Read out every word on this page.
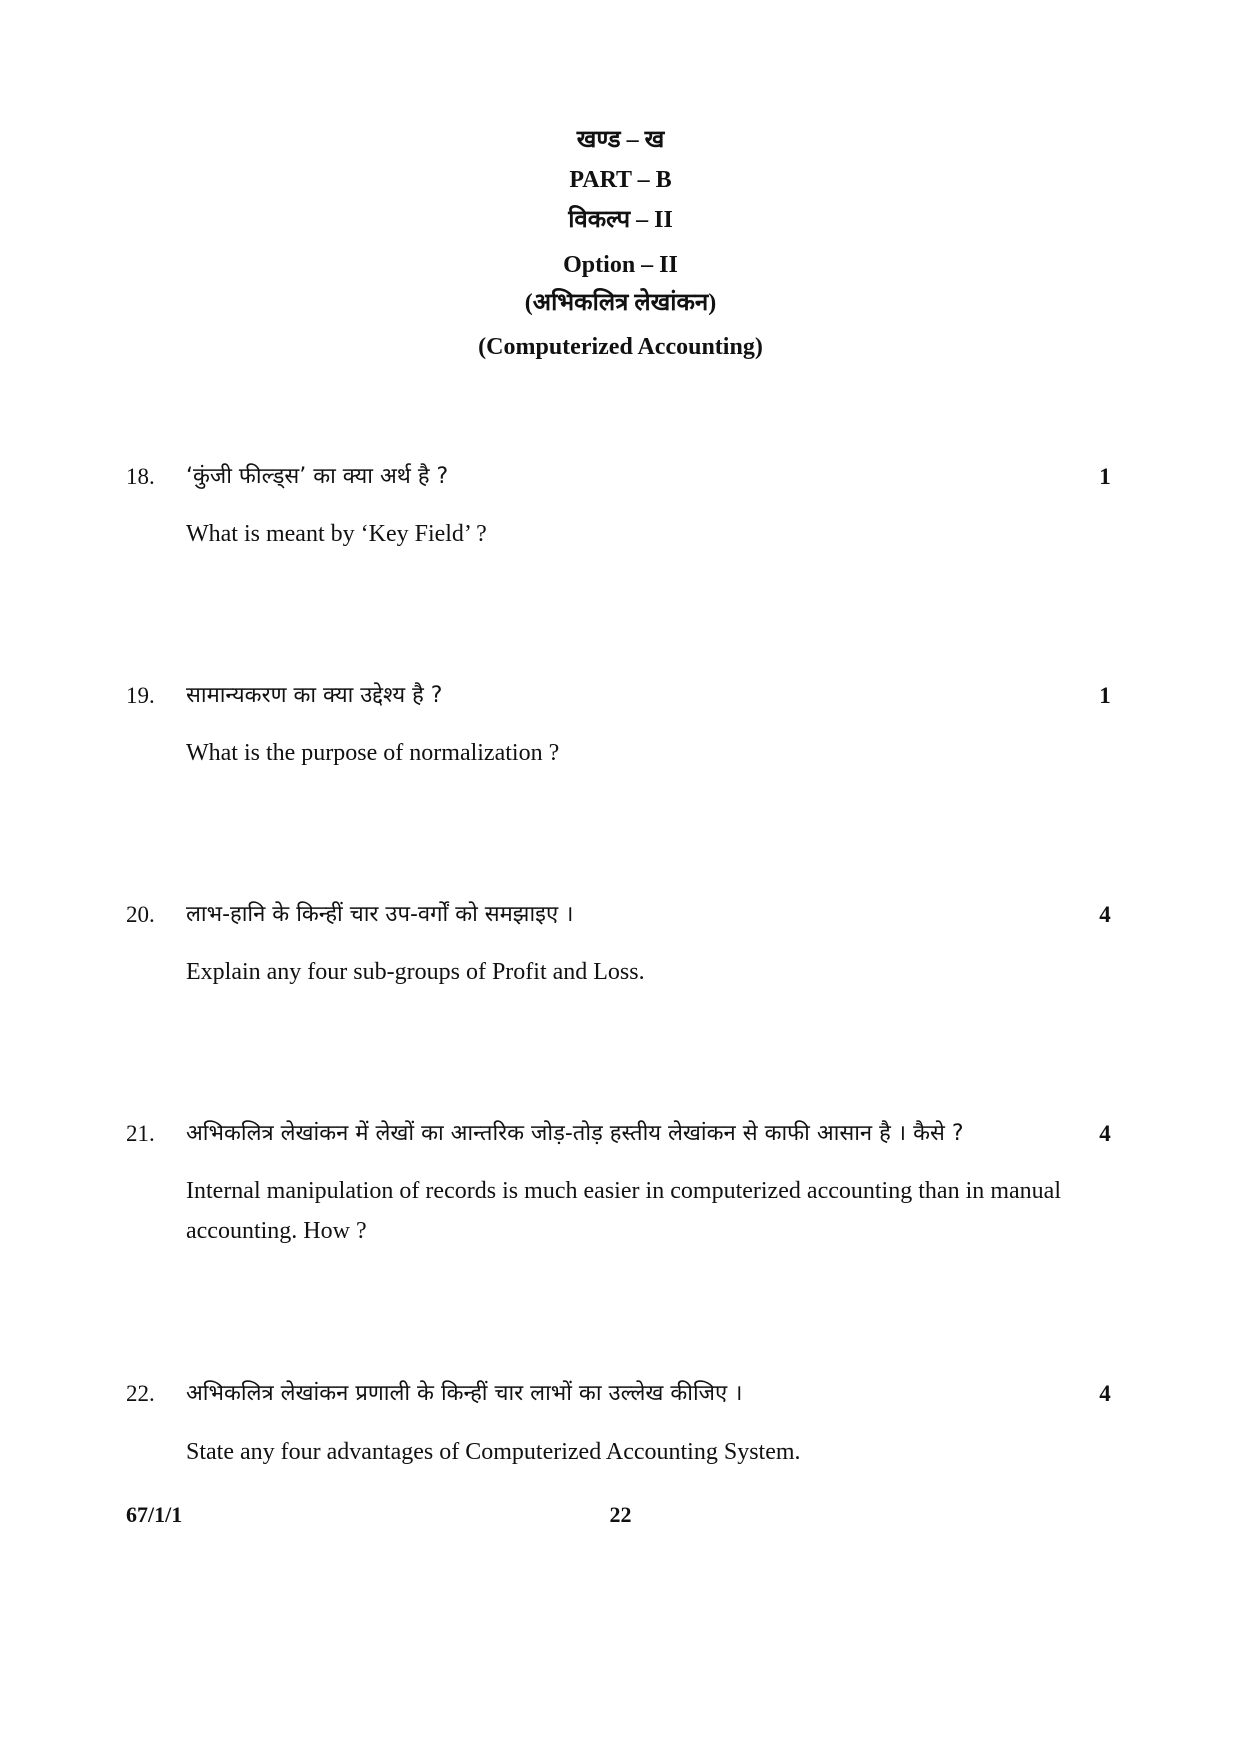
खण्ड – ख
PART – B
विकल्प – II
Option – II
(अभिकलित्र लेखांकन)
(Computerized Accounting)
18. ‘कुंजी फील्ड्स’ का क्या अर्थ है ?	1
What is meant by ‘Key Field’ ?
19. सामान्यकरण का क्या उद्देश्य है ?	1
What is the purpose of normalization ?
20. लाभ-हानि के किन्हीं चार उप-वर्गों को समझाइए ।	4
Explain any four sub-groups of Profit and Loss.
21. अभिकलित्र लेखांकन में लेखों का आन्तरिक जोड़-तोड़ हस्तीय लेखांकन से काफी आसान है । कैसे ?	4
Internal manipulation of records is much easier in computerized accounting than in manual accounting. How ?
22. अभिकलित्र लेखांकन प्रणाली के किन्हीं चार लाभों का उल्लेख कीजिए ।	4
State any four advantages of Computerized Accounting System.
67/1/1	22
